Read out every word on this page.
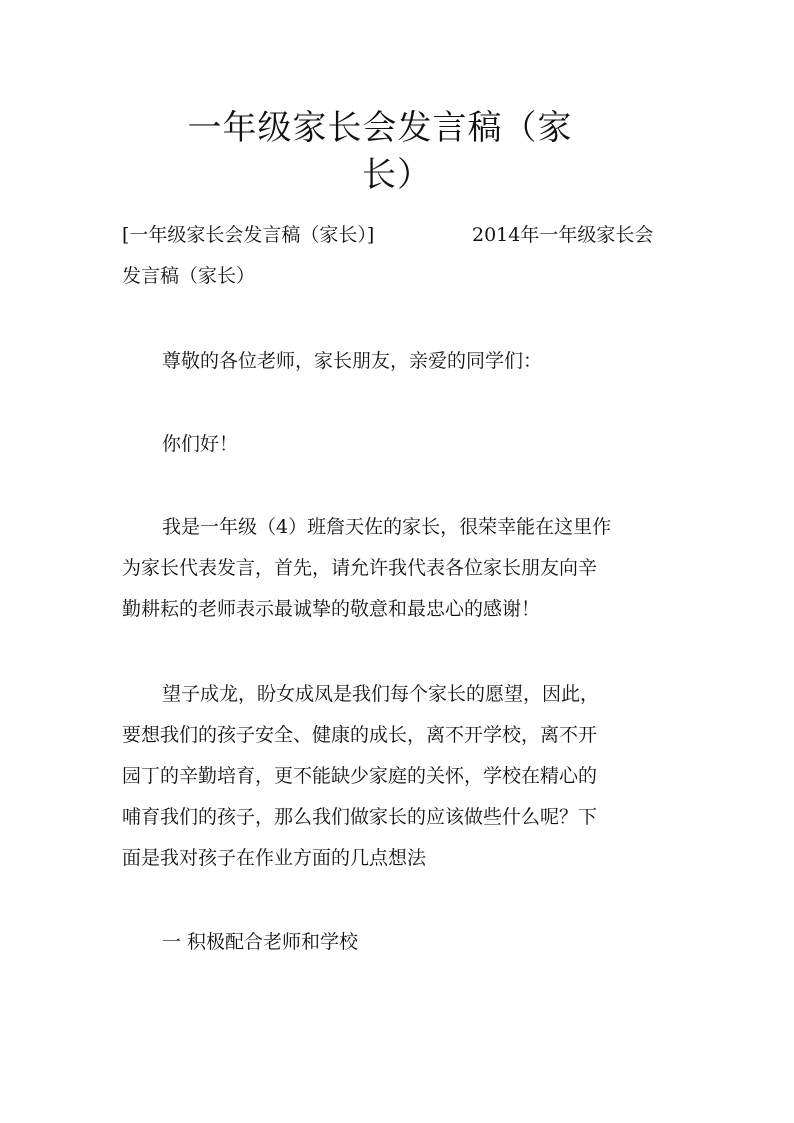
一年级家长会发言稿（家
长）
[一年级家长会发言稿（家长）]	2014年一年级家长会
发言稿（家长）
尊敬的各位老师，家长朋友，亲爱的同学们：
你们好！
我是一年级（4）班詹天佐的家长，很荣幸能在这里作
为家长代表发言，首先，请允许我代表各位家长朋友向辛
勤耕耘的老师表示最诚挚的敬意和最忠心的感谢！
望子成龙，盼女成凤是我们每个家长的愿望，因此，
要想我们的孩子安全、健康的成长，离不开学校，离不开
园丁的辛勤培育，更不能缺少家庭的关怀，学校在精心的
哺育我们的孩子，那么我们做家长的应该做些什么呢？下
面是我对孩子在作业方面的几点想法
一 积极配合老师和学校
